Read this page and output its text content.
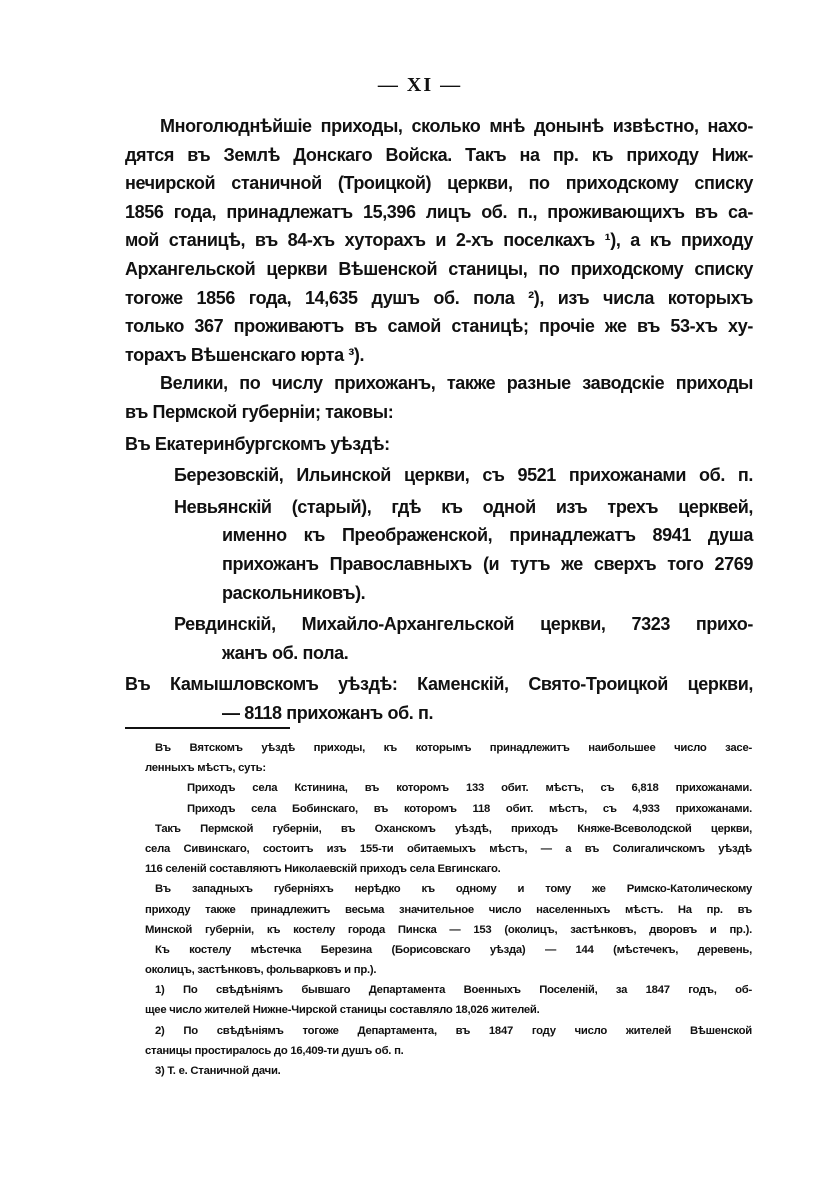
— XI —
Многолюднѣйшіе приходы, сколько мнѣ донынѣ извѣстно, нахо-
дятся въ Землѣ Донскаго Войска. Такъ на пр. къ приходу Ниж-
нечирской станичной (Троицкой) церкви, по приходскому списку
1856 года, принадлежатъ 15,396 лицъ об. п., проживающихъ въ са-
мой станицѣ, въ 84-хъ хуторахъ и 2-хъ поселкахъ ¹), а къ приходу
Архангельской церкви Вѣшенской станицы, по приходскому списку
тогоже 1856 года, 14,635 душъ об. пола ²), изъ числа которыхъ
только 367 проживаютъ въ самой станицѣ; прочіе же въ 53-хъ ху-
торахъ Вѣшенскаго юрта ³).
Велики, по числу прихожанъ, также разные заводскіе приходы
въ Пермской губерніи; таковы:
Въ Екатеринбургскомъ уѣздѣ:
Березовскій, Ильинской церкви, съ 9521 прихожанами об. п.
Невьянскій (старый), гдѣ къ одной изъ трехъ церквей,
именно къ Преображенской, принадлежатъ 8941 душа
прихожанъ Православныхъ (и тутъ же сверхъ того 2769
раскольниковъ).
Ревдинскій, Михайло-Архангельской церкви, 7323 прихо-
жанъ об. пола.
Въ Камышловскомъ уѣздѣ: Каменскій, Свято-Троицкой церкви,
— 8118 прихожанъ об. п.
Въ Вятскомъ уѣздѣ приходы, къ которымъ принадлежитъ наибольшее число засе-
ленныхъ мѣстъ, суть:
Приходъ села Кстинина, въ которомъ 133 обит. мѣстъ, съ 6,818 прихожанами.
Приходъ села Бобинскаго, въ которомъ 118 обит. мѣстъ, съ 4,933 прихожанами.
Такъ Пермской губерніи, въ Оханскомъ уѣздѣ, приходъ Княже-Всеволодской церкви,
села Сивинскаго, состоитъ изъ 155-ти обитаемыхъ мѣстъ, — а въ Солигаличскомъ уѣздѣ
116 селеній составляютъ Николаевскій приходъ села Евгинскаго.
Въ западныхъ губерніяхъ нерѣдко къ одному и тому же Римско-Католическому
приходу также принадлежитъ весьма значительное число населенныхъ мѣстъ. На пр. въ
Минской губерніи, къ костелу города Пинска — 153 (околицъ, застѣнковъ, дворовъ и пр.).
Къ костелу мѣстечка Березина (Борисовскаго уѣзда) — 144 (мѣстечекъ, деревень,
околицъ, застѣнковъ, фольварковъ и пр.).
1) По свѣдѣніямъ бывшаго Департамента Военныхъ Поселеній, за 1847 годъ, об-
щее число жителей Нижне-Чирской станицы составляло 18,026 жителей.
2) По свѣдѣніямъ тогоже Департамента, въ 1847 году число жителей Вѣшенской
станицы простиралось до 16,409-ти душъ об. п.
3) Т. е. Станичной дачи.
